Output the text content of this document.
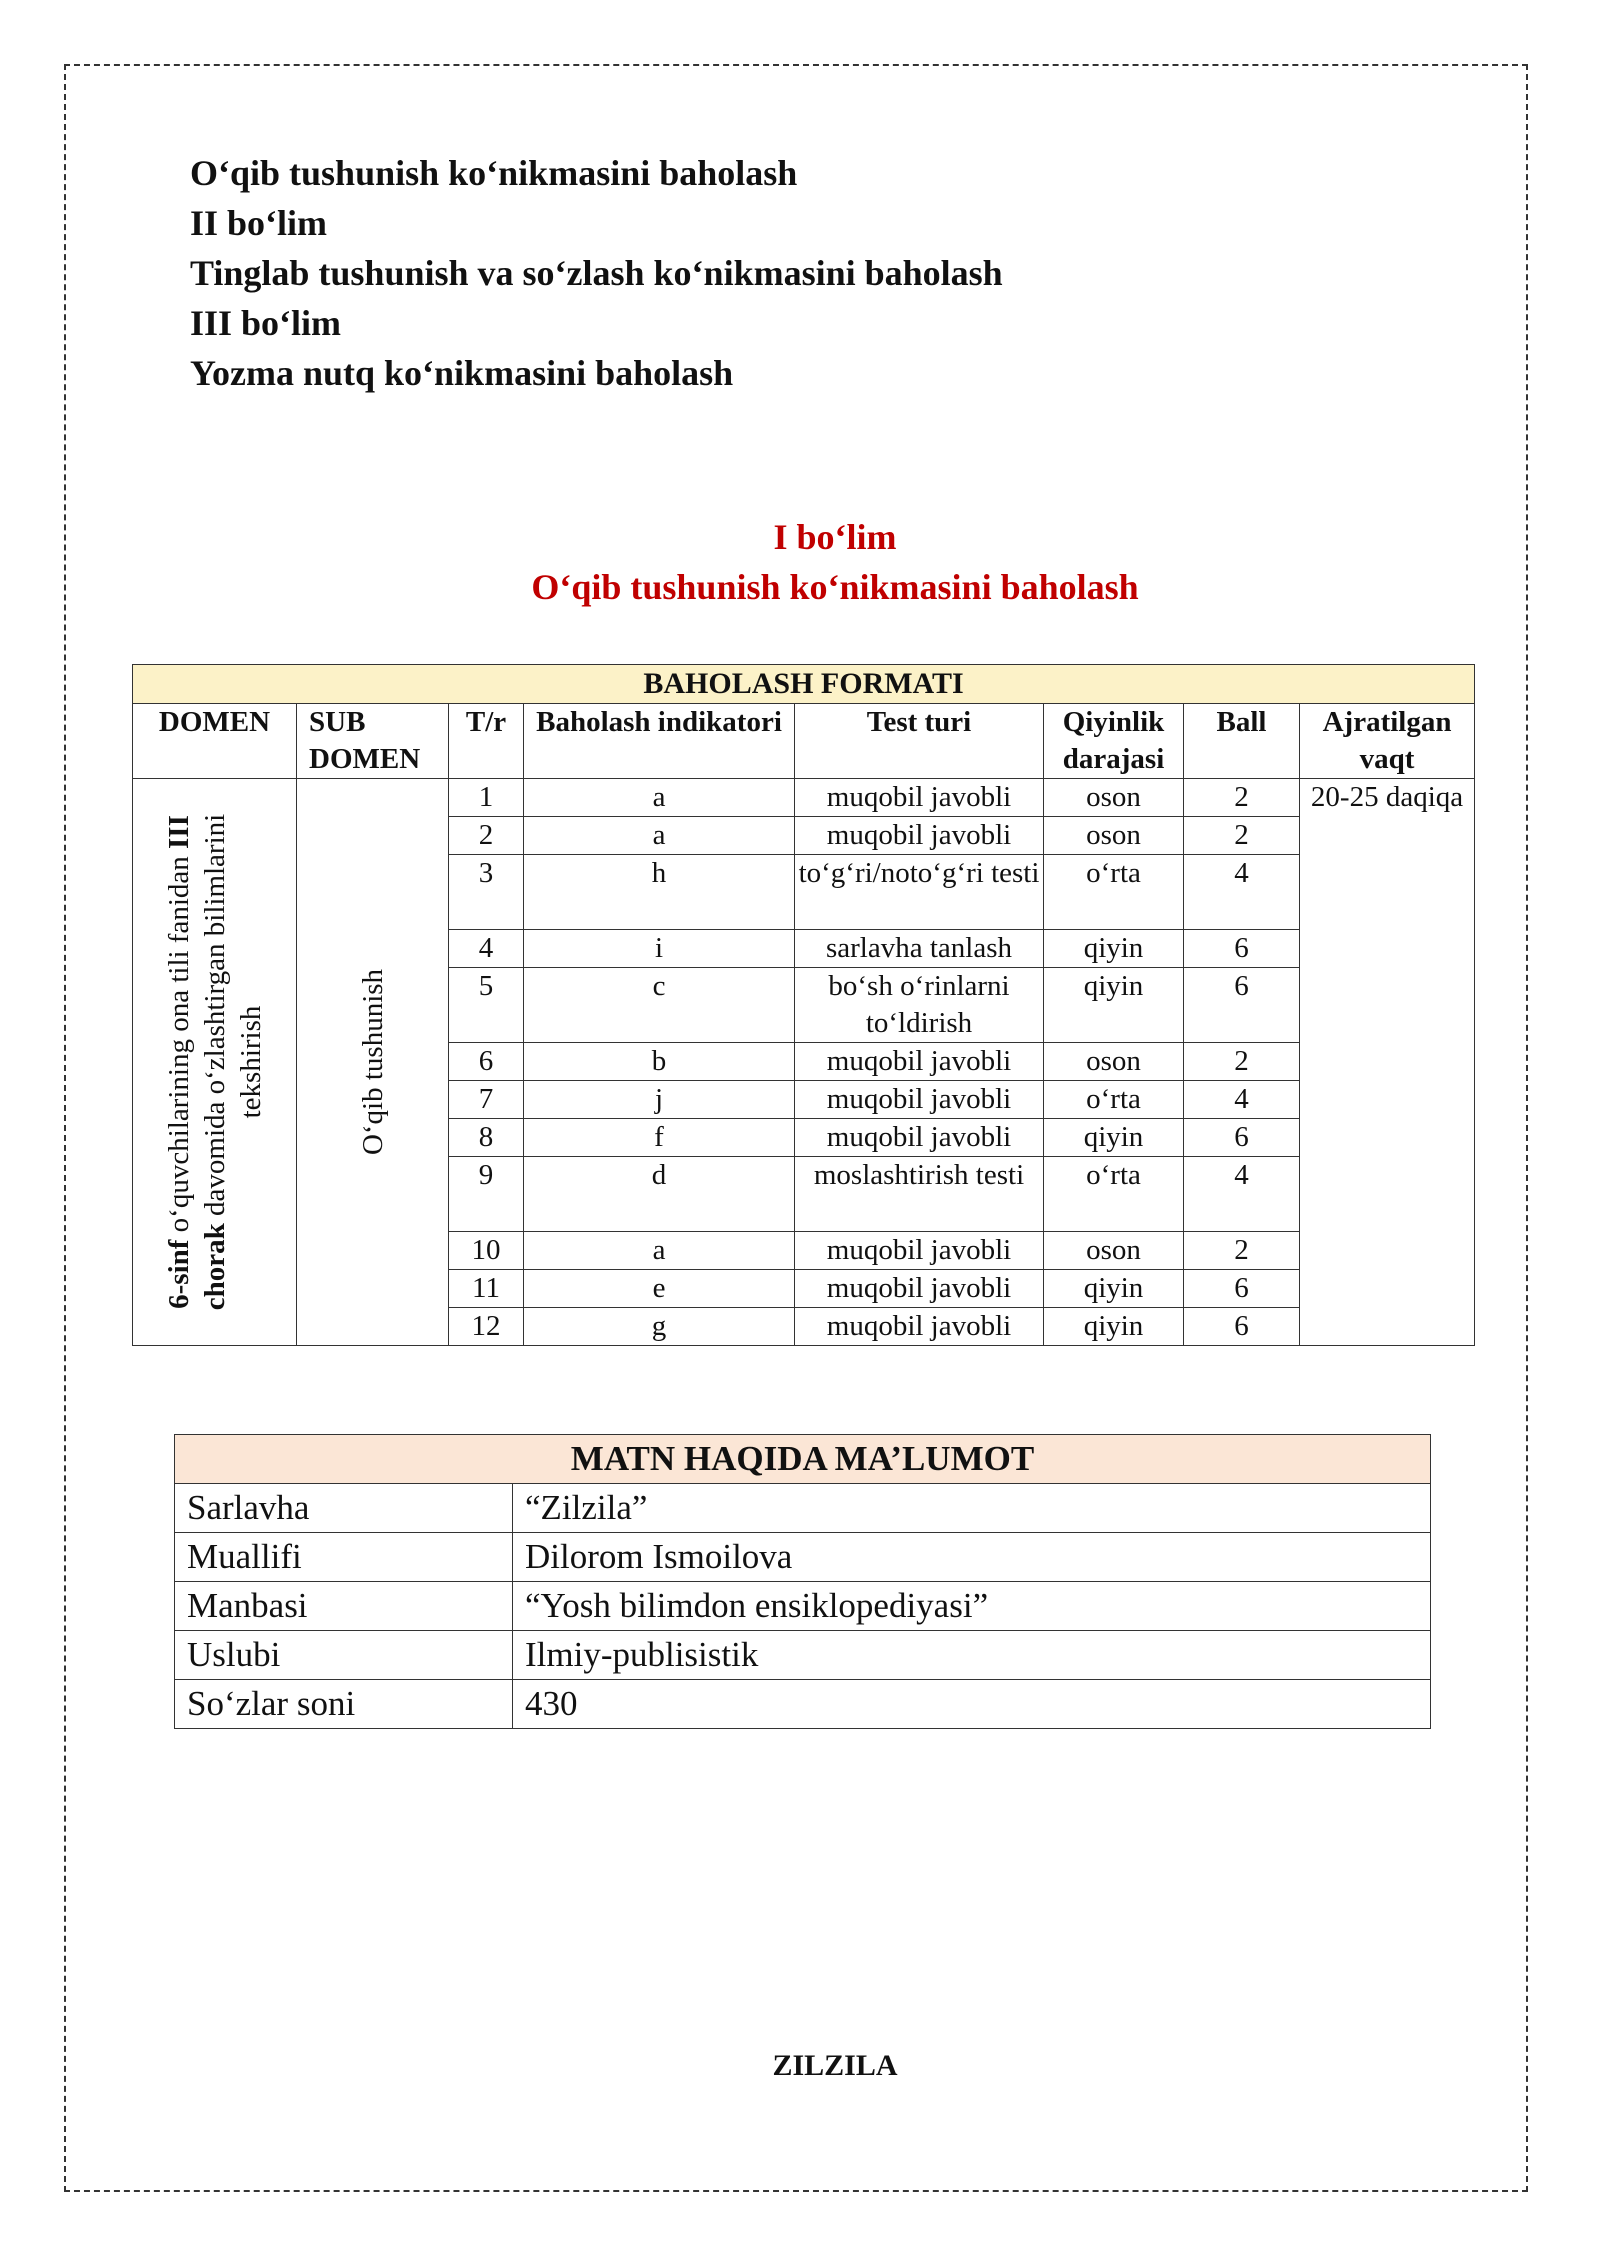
O‘qib tushunish ko‘nikmasini baholash
II bo‘lim
Tinglab tushunish va so‘zlash ko‘nikmasini baholash
III bo‘lim
Yozma nutq ko‘nikmasini baholash
I bo‘lim
O‘qib tushunish ko‘nikmasini baholash
BAHOLASH FORMATI							
DOMEN	SUB DOMEN	T/r	Baholash indikatori	Test turi	Qiyinlik darajasi	Ball	Ajratilgan vaqt

6-sinf o‘quvchilarining ona tili fanidan III chorak davomida o‘zlashtirgan bilimlarini tekshirish	O‘qib tushunish	1	a	muqobil javobli	oson	2	20-25 daqiqa
		2	a	muqobil javobli	oson	2	
		3	h	to‘g‘ri/noto‘g‘ri testi	o‘rta	4	
		4	i	sarlavha tanlash	qiyin	6	
		5	c	bo‘sh o‘rinlarni to‘ldirish	qiyin	6	
		6	b	muqobil javobli	oson	2	
		7	j	muqobil javobli	o‘rta	4	
		8	f	muqobil javobli	qiyin	6	
		9	d	moslashtirish testi	o‘rta	4	
		10	a	muqobil javobli	oson	2	
		11	e	muqobil javobli	qiyin	6	
		12	g	muqobil javobli	qiyin	6	
MATN HAQIDA MA’LUMOT	
Sarlavha	“Zilzila”
Muallifi	Dilorom Ismoilova
Manbasi	“Yosh bilimdon ensiklopediyasi”
Uslubi	Ilmiy-publisistik
So‘zlar soni	430
ZILZILA
